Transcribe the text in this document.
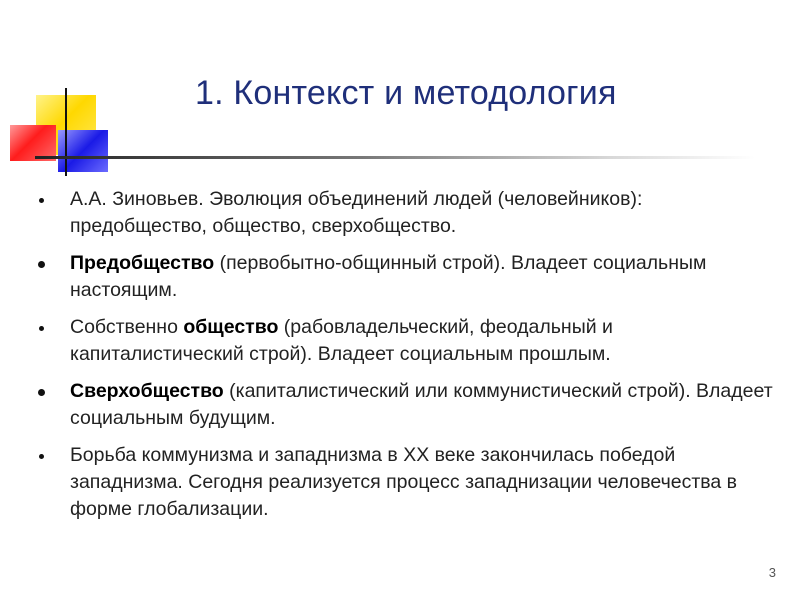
1. Контекст и методология
А.А. Зиновьев. Эволюция объединений людей (человейников): предобщество, общество, сверхобщество.
Предобщество (первобытно-общинный строй). Владеет социальным настоящим.
Собственно общество (рабовладельческий, феодальный и капиталистический строй). Владеет социальным прошлым.
Сверхобщество (капиталистический или коммунистический строй). Владеет социальным будущим.
Борьба коммунизма и западнизма в XX веке закончилась победой западнизма. Сегодня реализуется процесс западнизации человечества в форме глобализации.
3
